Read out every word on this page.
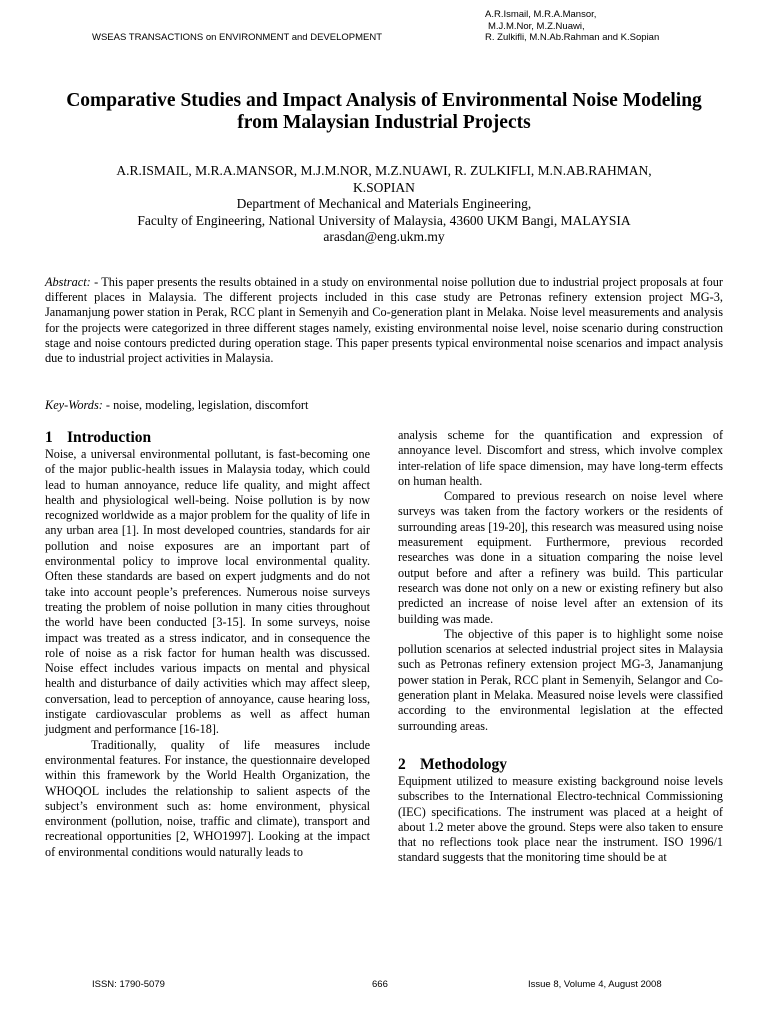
WSEAS TRANSACTIONS on ENVIRONMENT and DEVELOPMENT
A.R.Ismail, M.R.A.Mansor,
M.J.M.Nor, M.Z.Nuawi,
R. Zulkifli, M.N.Ab.Rahman and K.Sopian
Comparative Studies and Impact Analysis of Environmental Noise Modeling
from Malaysian Industrial Projects
A.R.ISMAIL, M.R.A.MANSOR, M.J.M.NOR, M.Z.NUAWI, R. ZULKIFLI, M.N.AB.RAHMAN,
K.SOPIAN
Department of Mechanical and Materials Engineering,
Faculty of Engineering, National University of Malaysia, 43600 UKM Bangi, MALAYSIA
arasdan@eng.ukm.my
Abstract: - This paper presents the results obtained in a study on environmental noise pollution due to industrial project proposals at four different places in Malaysia. The different projects included in this case study are Petronas refinery extension project MG-3, Janamanjung power station in Perak, RCC plant in Semenyih and Co-generation plant in Melaka. Noise level measurements and analysis for the projects were categorized in three different stages namely, existing environmental noise level, noise scenario during construction stage and noise contours predicted during operation stage. This paper presents typical environmental noise scenarios and impact analysis due to industrial project activities in Malaysia.
Key-Words: - noise, modeling, legislation, discomfort
1 Introduction

Noise, a universal environmental pollutant, is fast-becoming one of the major public-health issues in Malaysia today, which could lead to human annoyance, reduce life quality, and might affect health and physiological well-being. Noise pollution is by now recognized worldwide as a major problem for the quality of life in any urban area [1]. In most developed countries, standards for air pollution and noise exposures are an important part of environmental policy to improve local environmental quality. Often these standards are based on expert judgments and do not take into account people’s preferences. Numerous noise surveys treating the problem of noise pollution in many cities throughout the world have been conducted [3-15]. In some surveys, noise impact was treated as a stress indicator, and in consequence the role of noise as a risk factor for human health was discussed. Noise effect includes various impacts on mental and physical health and disturbance of daily activities which may affect sleep, conversation, lead to perception of annoyance, cause hearing loss, instigate cardiovascular problems as well as affect human judgment and performance [16-18].

Traditionally, quality of life measures include environmental features. For instance, the questionnaire developed within this framework by the World Health Organization, the WHOQOL includes the relationship to salient aspects of the subject’s environment such as: home environment, physical environment (pollution, noise, traffic and climate), transport and recreational opportunities [2, WHO1997]. Looking at the impact of environmental conditions would naturally leads to

analysis scheme for the quantification and expression of annoyance level. Discomfort and stress, which involve complex inter-relation of life space dimension, may have long-term effects on human health.

Compared to previous research on noise level where surveys was taken from the factory workers or the residents of surrounding areas [19-20], this research was measured using noise measurement equipment. Furthermore, previous recorded researches was done in a situation comparing the noise level output before and after a refinery was build. This particular research was done not only on a new or existing refinery but also predicted an increase of noise level after an extension of its building was made.

The objective of this paper is to highlight some noise pollution scenarios at selected industrial project sites in Malaysia such as Petronas refinery extension project MG-3, Janamanjung power station in Perak, RCC plant in Semenyih, Selangor and Co-generation plant in Melaka. Measured noise levels were classified according to the environmental legislation at the effected surrounding areas.

2 Methodology

Equipment utilized to measure existing background noise levels subscribes to the International Electro-technical Commissioning (IEC) specifications. The instrument was placed at a height of about 1.2 meter above the ground. Steps were also taken to ensure that no reflections took place near the instrument. ISO 1996/1 standard suggests that the monitoring time should be at

ISSN: 1790-5079	666	Issue 8, Volume 4, August 2008
